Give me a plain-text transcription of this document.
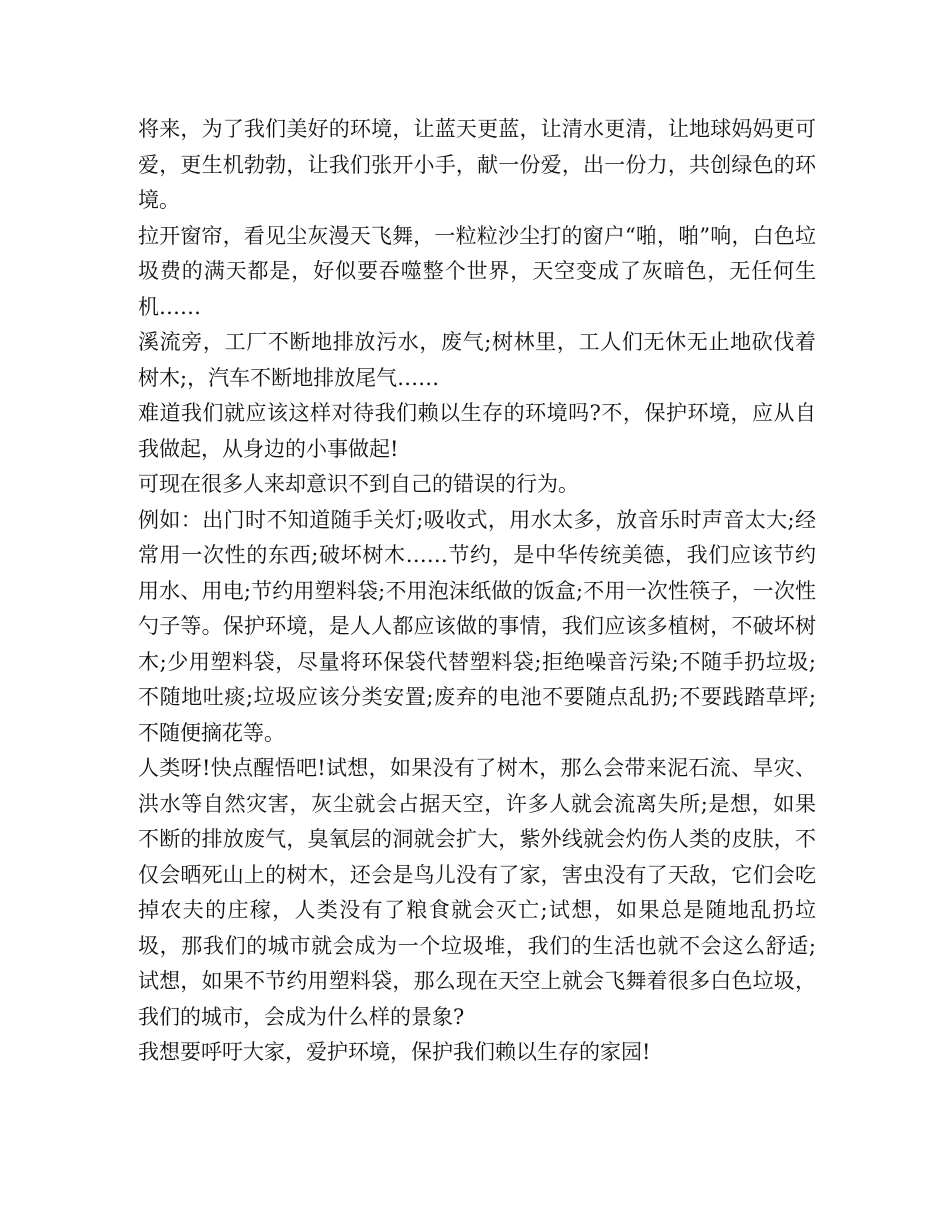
将来，为了我们美好的环境，让蓝天更蓝，让清水更清，让地球妈妈更可爱，更生机勃勃，让我们张开小手，献一份爱，出一份力，共创绿色的环境。

拉开窗帘，看见尘灰漫天飞舞，一粒粒沙尘打的窗户“啪，啪”响，白色垃圾费的满天都是，好似要吞噬整个世界，天空变成了灰暗色，无任何生机……

溪流旁，工厂不断地排放污水，废气;树林里，工人们无休无止地砍伐着树木;，汽车不断地排放尾气……

难道我们就应该这样对待我们赖以生存的环境吗?不，保护环境，应从自我做起，从身边的小事做起!

可现在很多人来却意识不到自己的错误的行为。

例如：出门时不知道随手关灯;吸收式，用水太多，放音乐时声音太大;经常用一次性的东西;破坏树木……节约，是中华传统美德，我们应该节约用水、用电;节约用塑料袋;不用泡沫纸做的饭盒;不用一次性筷子，一次性勺子等。保护环境，是人人都应该做的事情，我们应该多植树，不破坏树木;少用塑料袋，尽量将环保袋代替塑料袋;拒绝噪音污染;不随手扔垃圾;不随地吐痰;垃圾应该分类安置;废弃的电池不要随点乱扔;不要践踏草坪;不随便摘花等。

人类呀!快点醒悟吧!试想，如果没有了树木，那么会带来泥石流、旱灾、洪水等自然灾害，灰尘就会占据天空，许多人就会流离失所;是想，如果不断的排放废气，臭氧层的洞就会扩大，紫外线就会灼伤人类的皮肤，不仅会晒死山上的树木，还会是鸟儿没有了家，害虫没有了天敌，它们会吃掉农夫的庄稼，人类没有了粮食就会灭亡;试想，如果总是随地乱扔垃圾，那我们的城市就会成为一个垃圾堆，我们的生活也就不会这么舒适;试想，如果不节约用塑料袋，那么现在天空上就会飞舞着很多白色垃圾，我们的城市，会成为什么样的景象?

我想要呼吁大家，爱护环境，保护我们赖以生存的家园!
